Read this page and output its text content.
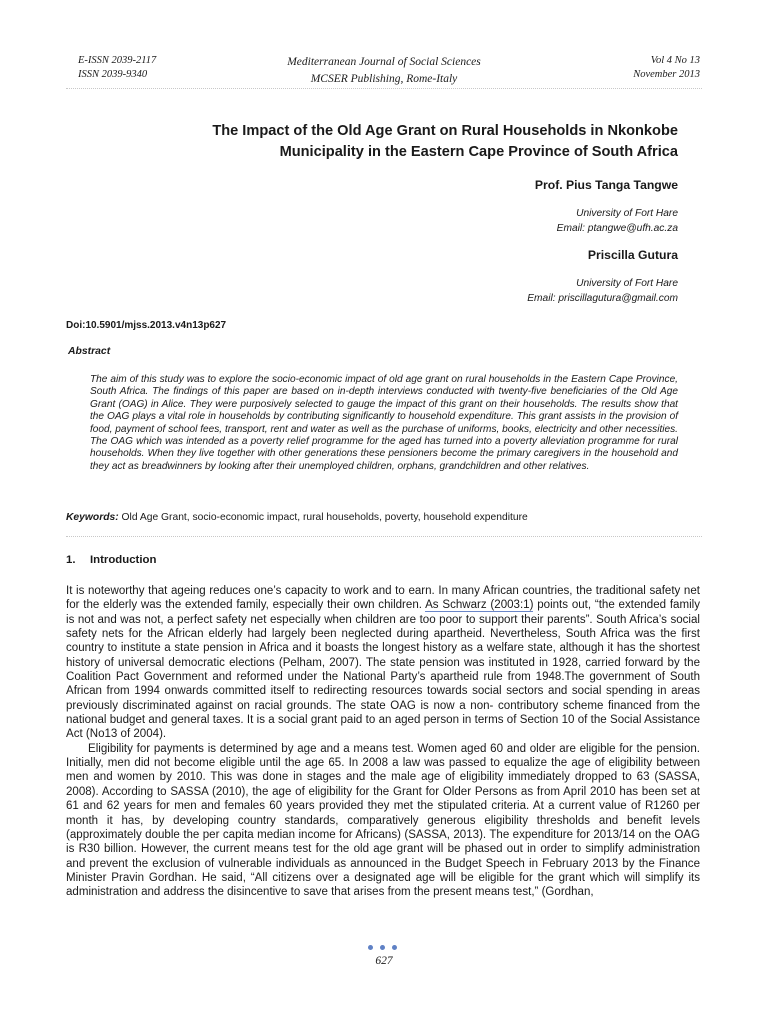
E-ISSN 2039-2117
ISSN 2039-9340
Mediterranean Journal of Social Sciences
MCSER Publishing, Rome-Italy
Vol 4 No 13
November 2013
The Impact of the Old Age Grant on Rural Households in Nkonkobe
Municipality in the Eastern Cape Province of South Africa
Prof. Pius Tanga Tangwe
University of Fort Hare
Email: ptangwe@ufh.ac.za
Priscilla Gutura
University of Fort Hare
Email: priscillagutura@gmail.com
Doi:10.5901/mjss.2013.v4n13p627
Abstract
The aim of this study was to explore the socio-economic impact of old age grant on rural households in the Eastern Cape Province, South Africa. The findings of this paper are based on in-depth interviews conducted with twenty-five beneficiaries of the Old Age Grant (OAG) in Alice. They were purposively selected to gauge the impact of this grant on their households. The results show that the OAG plays a vital role in households by contributing significantly to household expenditure. This grant assists in the provision of food, payment of school fees, transport, rent and water as well as the purchase of uniforms, books, electricity and other necessities. The OAG which was intended as a poverty relief programme for the aged has turned into a poverty alleviation programme for rural households. When they live together with other generations these pensioners become the primary caregivers in the household and they act as breadwinners by looking after their unemployed children, orphans, grandchildren and other relatives.
Keywords: Old Age Grant, socio-economic impact, rural households, poverty, household expenditure
1. Introduction

It is noteworthy that ageing reduces one’s capacity to work and to earn. In many African countries, the traditional safety net for the elderly was the extended family, especially their own children. As Schwarz (2003:1) points out, “the extended family is not and was not, a perfect safety net especially when children are too poor to support their parents”. South Africa’s social safety nets for the African elderly had largely been neglected during apartheid. Nevertheless, South Africa was the first country to institute a state pension in Africa and it boasts the longest history as a welfare state, although it has the shortest history of universal democratic elections (Pelham, 2007). The state pension was instituted in 1928, carried forward by the Coalition Pact Government and reformed under the National Party’s apartheid rule from 1948.The government of South African from 1994 onwards committed itself to redirecting resources towards social sectors and social spending in areas previously discriminated against on racial grounds. The state OAG is now a non- contributory scheme financed from the national budget and general taxes. It is a social grant paid to an aged person in terms of Section 10 of the Social Assistance Act (No13 of 2004).

Eligibility for payments is determined by age and a means test. Women aged 60 and older are eligible for the pension. Initially, men did not become eligible until the age 65. In 2008 a law was passed to equalize the age of eligibility between men and women by 2010. This was done in stages and the male age of eligibility immediately dropped to 63 (SASSA, 2008). According to SASSA (2010), the age of eligibility for the Grant for Older Persons as from April 2010 has been set at 61 and 62 years for men and females 60 years provided they met the stipulated criteria. At a current value of R1260 per month it has, by developing country standards, comparatively generous eligibility thresholds and benefit levels (approximately double the per capita median income for Africans) (SASSA, 2013). The expenditure for 2013/14 on the OAG is R30 billion. However, the current means test for the old age grant will be phased out in order to simplify administration and prevent the exclusion of vulnerable individuals as announced in the Budget Speech in February 2013 by the Finance Minister Pravin Gordhan. He said, “All citizens over a designated age will be eligible for the grant which will simplify its administration and address the disincentive to save that arises from the present means test,” (Gordhan,

627
